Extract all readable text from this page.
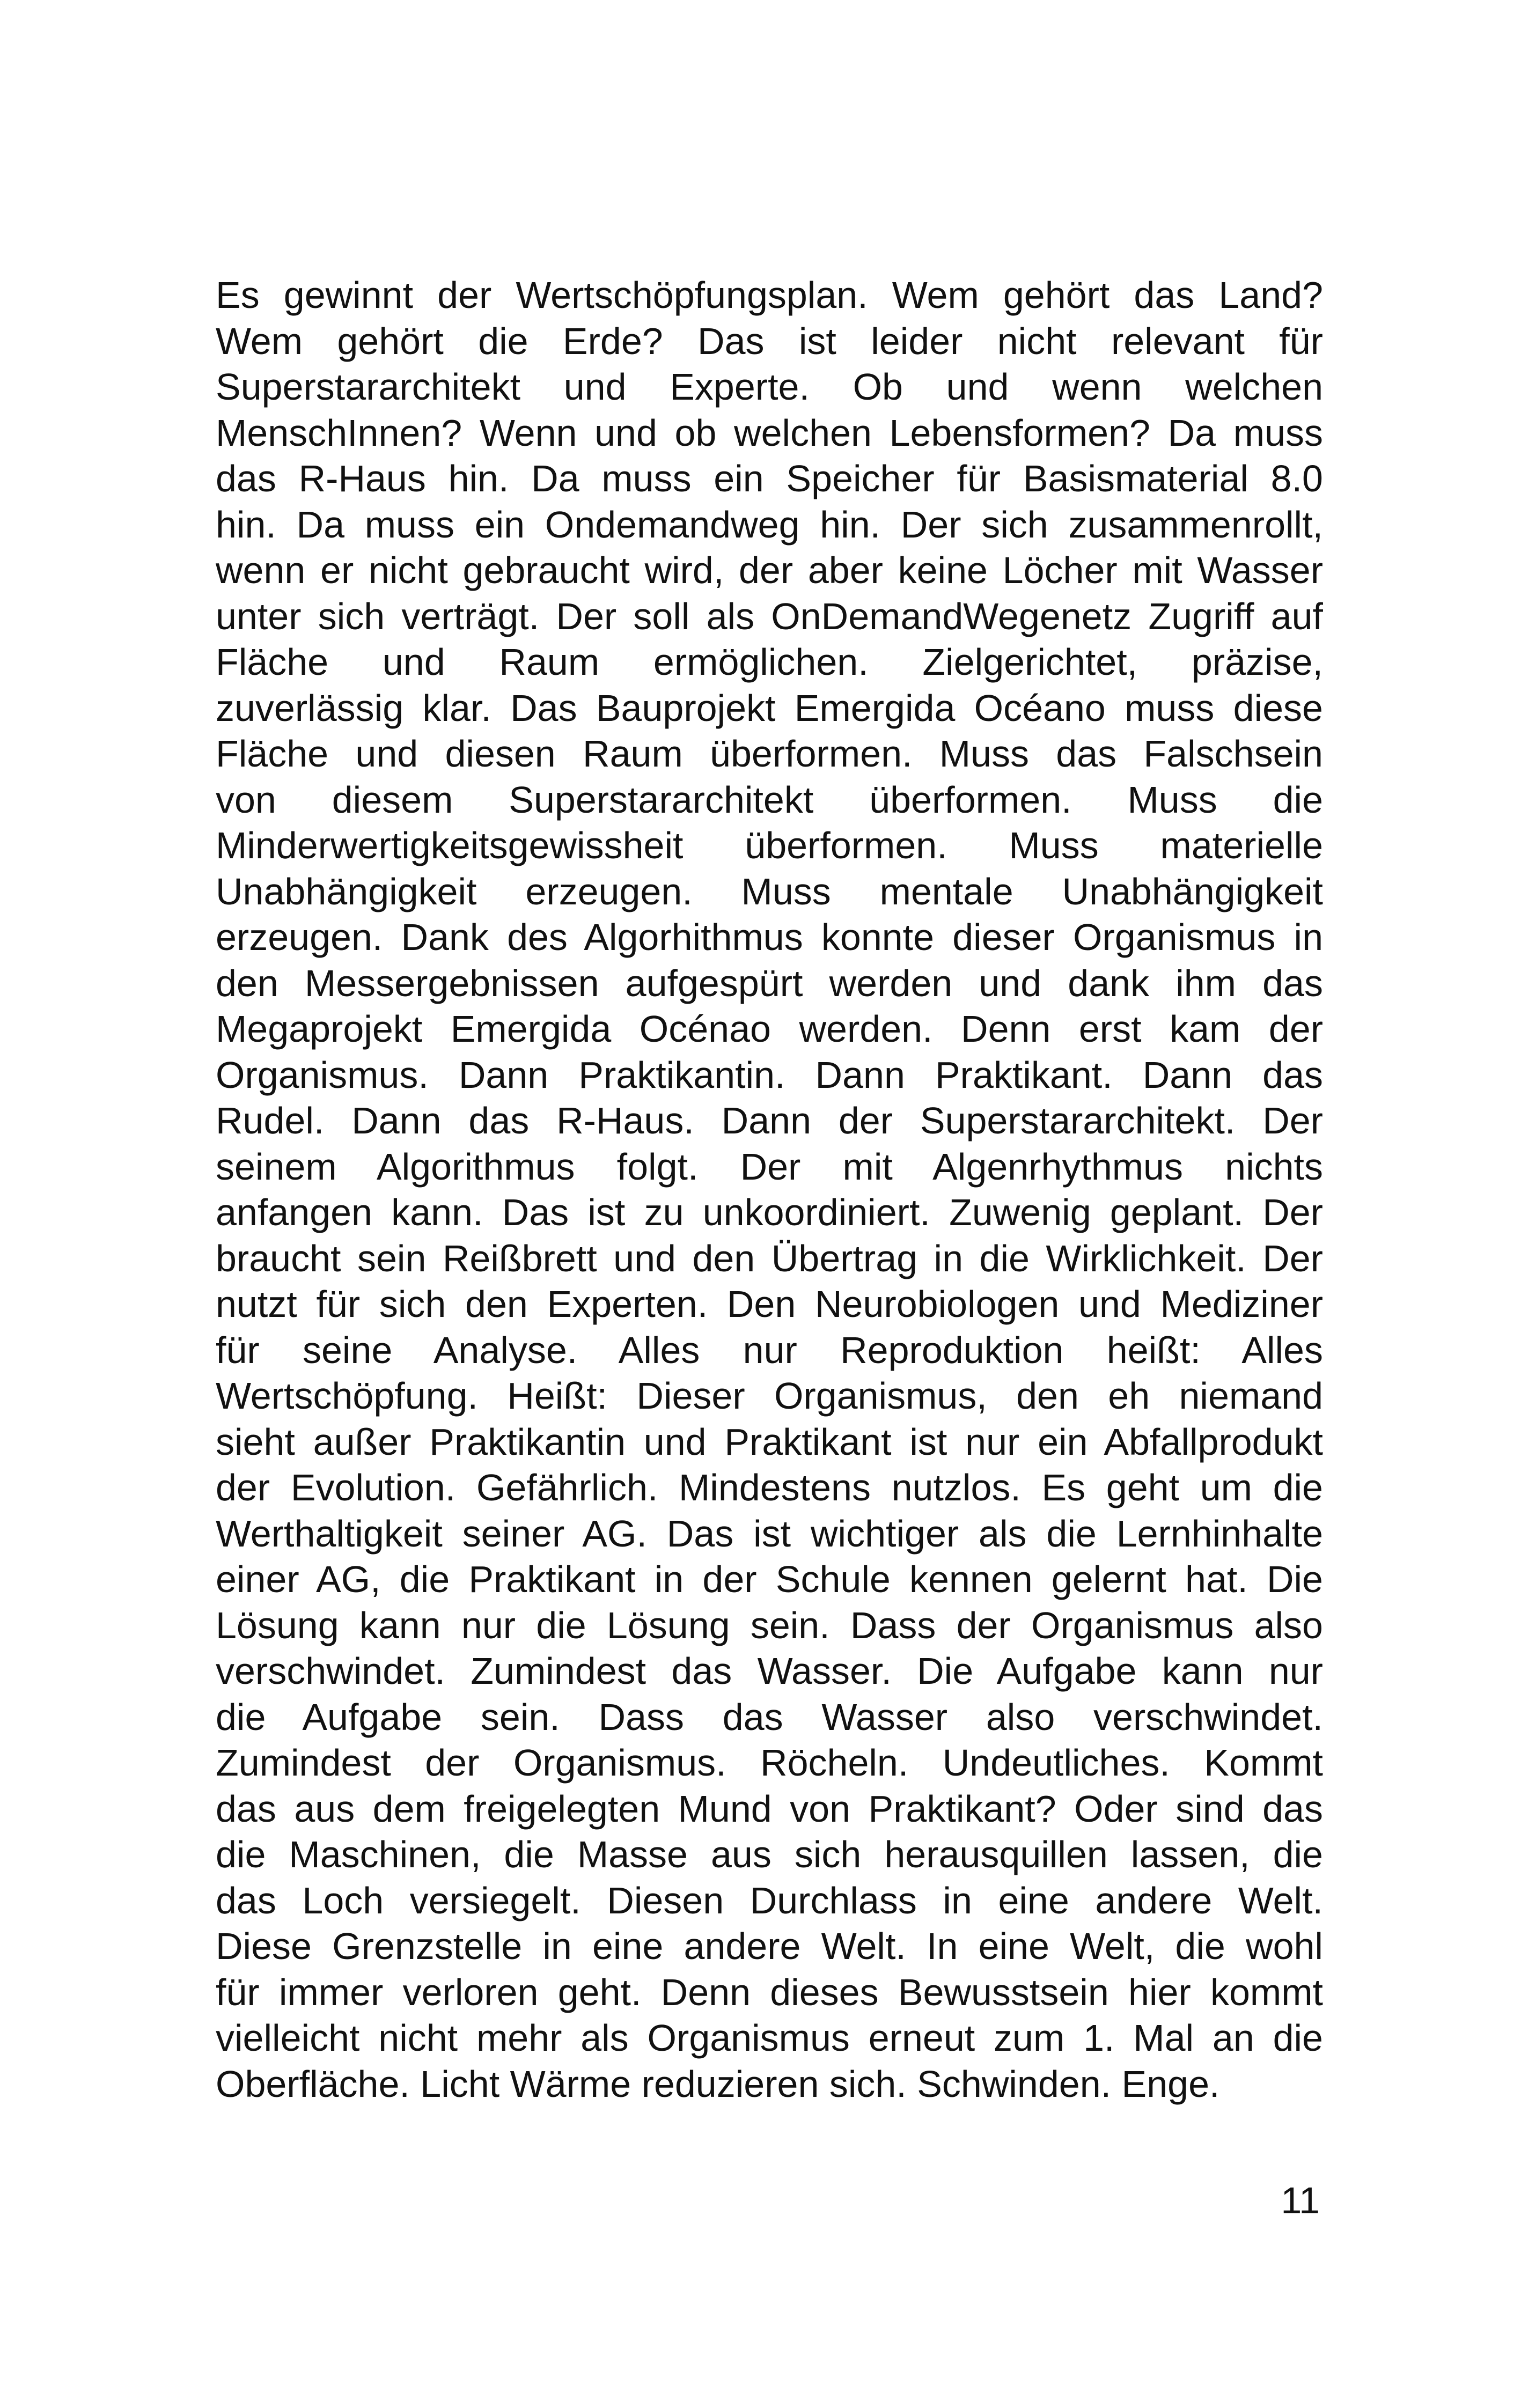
Es gewinnt der Wertschöpfungsplan. Wem gehört das Land?
Wem gehört die Erde? Das ist leider nicht relevant für
Superstararchitekt und Experte. Ob und wenn welchen
MenschInnen? Wenn und ob welchen Lebensformen? Da muss
das R-Haus hin. Da muss ein Speicher für Basismaterial 8.0
hin. Da muss ein Ondemandweg hin. Der sich zusammenrollt,
wenn er nicht gebraucht wird, der aber keine Löcher mit Wasser
unter sich verträgt. Der soll als OnDemandWegenetz Zugriff auf
Fläche und Raum ermöglichen. Zielgerichtet, präzise,
zuverlässig klar. Das Bauprojekt Emergida Océano muss diese
Fläche und diesen Raum überformen. Muss das Falschsein
von diesem Superstararchitekt überformen. Muss die
Minderwertigkeitsgewissheit überformen. Muss materielle
Unabhängigkeit erzeugen. Muss mentale Unabhängigkeit
erzeugen. Dank des Algorhithmus konnte dieser Organismus in
den Messergebnissen aufgespürt werden und dank ihm das
Megaprojekt Emergida Océnao werden. Denn erst kam der
Organismus. Dann Praktikantin. Dann Praktikant. Dann das
Rudel. Dann das R-Haus. Dann der Superstararchitekt. Der
seinem Algorithmus folgt. Der mit Algenrhythmus nichts
anfangen kann. Das ist zu unkoordiniert. Zuwenig geplant. Der
braucht sein Reißbrett und den Übertrag in die Wirklichkeit. Der
nutzt für sich den Experten. Den Neurobiologen und Mediziner
für seine Analyse. Alles nur Reproduktion heißt: Alles
Wertschöpfung. Heißt: Dieser Organismus, den eh niemand
sieht außer Praktikantin und Praktikant ist nur ein Abfallprodukt
der Evolution. Gefährlich. Mindestens nutzlos. Es geht um die
Werthaltigkeit seiner AG. Das ist wichtiger als die Lernhinhalte
einer AG, die Praktikant in der Schule kennen gelernt hat. Die
Lösung kann nur die Lösung sein. Dass der Organismus also
verschwindet. Zumindest das Wasser. Die Aufgabe kann nur
die Aufgabe sein. Dass das Wasser also verschwindet.
Zumindest der Organismus. Röcheln. Undeutliches. Kommt
das aus dem freigelegten Mund von Praktikant? Oder sind das
die Maschinen, die Masse aus sich herausquillen lassen, die
das Loch versiegelt. Diesen Durchlass in eine andere Welt.
Diese Grenzstelle in eine andere Welt. In eine Welt, die wohl
für immer verloren geht. Denn dieses Bewusstsein hier kommt
vielleicht nicht mehr als Organismus erneut zum 1. Mal an die
Oberfläche. Licht Wärme reduzieren sich. Schwinden. Enge.

11
